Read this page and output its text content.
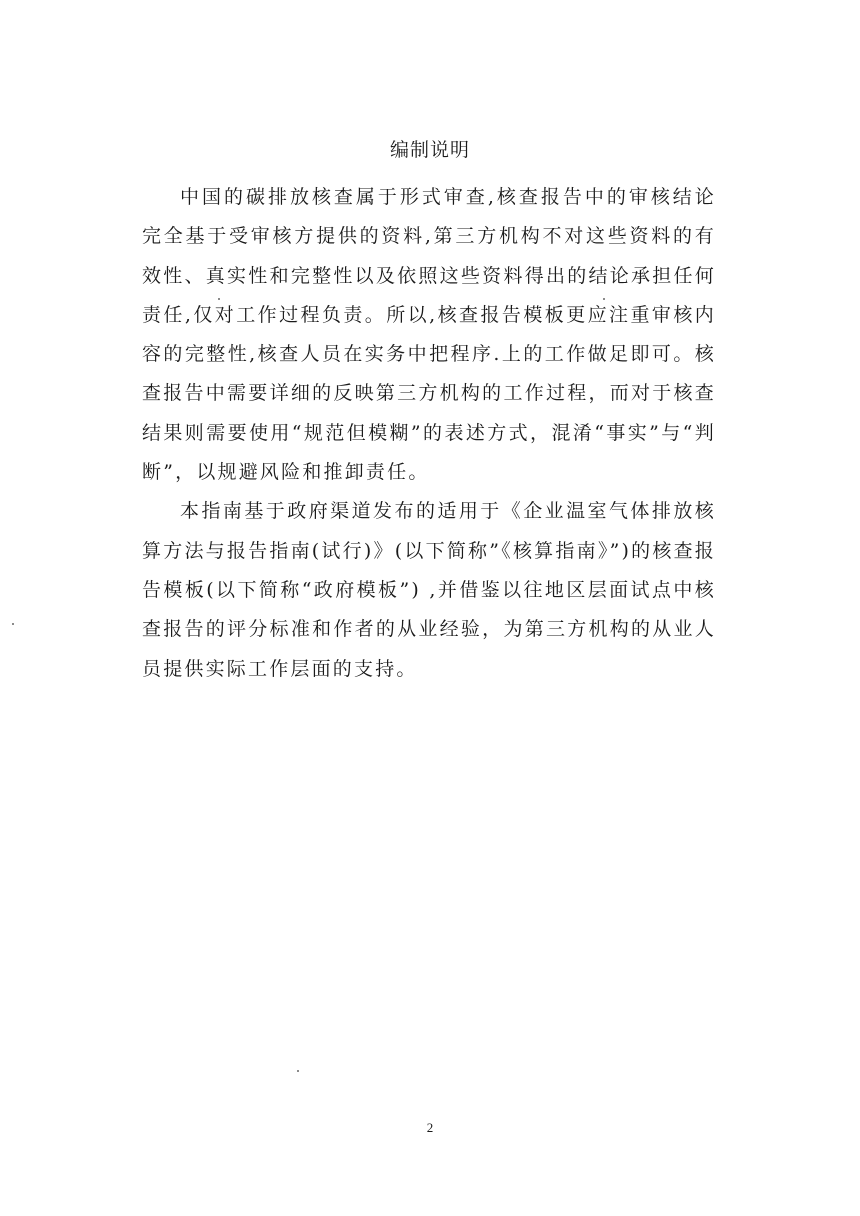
编制说明

中国的碳排放核查属于形式审查,核查报告中的审核结论完全基于受审核方提供的资料,第三方机构不对这些资料的有效性、真实性和完整性以及依照这些资料得出的结论承担任何责任,仅对工作过程负责。所以,核查报告模板更应注重审核内容的完整性,核查人员在实务中把程序.上的工作做足即可。核查报告中需要详细的反映第三方机构的工作过程，而对于核查结果则需要使用“规范但模糊”的表述方式，混淆“事实”与“判断”，以规避风险和推卸责任。

本指南基于政府渠道发布的适用于《企业温室气体排放核算方法与报告指南(试行)》(以下简称”《核算指南》”)的核查报告模板(以下简称“政府模板”) ,并借鉴以往地区层面试点中核查报告的评分标准和作者的从业经验，为第三方机构的从业人员提供实际工作层面的支持。

2
